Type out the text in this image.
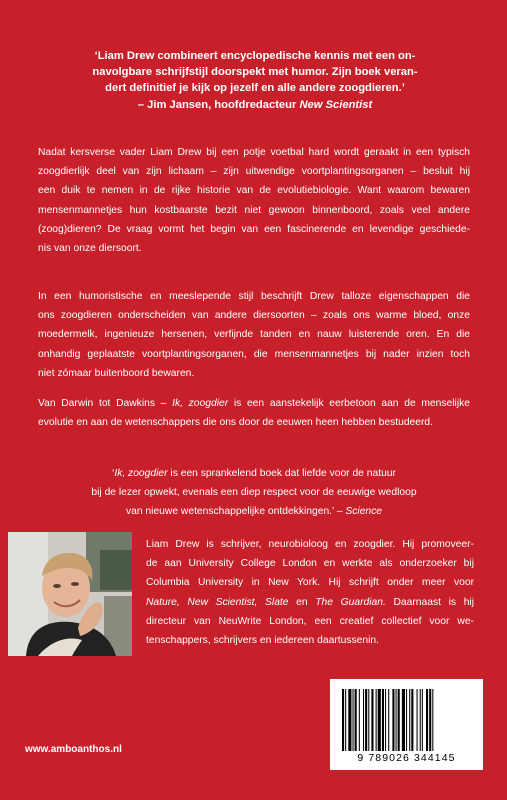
‘Liam Drew combineert encyclopedische kennis met een on-
navolgbare schrijfstijl doorspekt met humor. Zijn boek veran-
dert definitief je kijk op jezelf en alle andere zoogdieren.’
– Jim Jansen, hoofdredacteur New Scientist
Nadat kersverse vader Liam Drew bij een potje voetbal hard wordt geraakt in een typisch
zoogdierlijk deel van zijn lichaam – zijn uitwendige voortplantingsorganen – besluit hij
een duik te nemen in de rijke historie van de evolutiebiologie. Want waarom bewaren
mensenmannetjes hun kostbaarste bezit niet gewoon binnenboord, zoals veel andere
(zoog)dieren? De vraag vormt het begin van een fascinerende en levendige geschiede-
nis van onze diersoort.
In een humoristische en meeslepende stijl beschrijft Drew talloze eigenschappen die
ons zoogdieren onderscheiden van andere diersoorten – zoals ons warme bloed, onze
moedermelk, ingenieuze hersenen, verfijnde tanden en nauw luisterende oren. En die
onhandig geplaatste voortplantingsorganen, die mensenmannetjes bij nader inzien toch
niet zómaar buitenboord bewaren.
Van Darwin tot Dawkins – Ik, zoogdier is een aanstekelijk eerbetoon aan de menselijke
evolutie en aan de wetenschappers die ons door de eeuwen heen hebben bestudeerd.
‘Ik, zoogdier is een sprankelend boek dat liefde voor de natuur
bij de lezer opwekt, evenals een diep respect voor de eeuwige wedloop
van nieuwe wetenschappelijke ontdekkingen.’ – Science
Liam Drew is schrijver, neurobioloog en zoogdier. Hij promoveer-
de aan University College London en werkte als onderzoeker bij
Columbia University in New York. Hij schrijft onder meer voor
Nature, New Scientist, Slate en The Guardian. Daarnaast is hij
directeur van NeuWrite London, een creatief collectief voor we-
tenschappers, schrijvers en iedereen daartussenin.
www.amboanthos.nl
9 789026 344145
